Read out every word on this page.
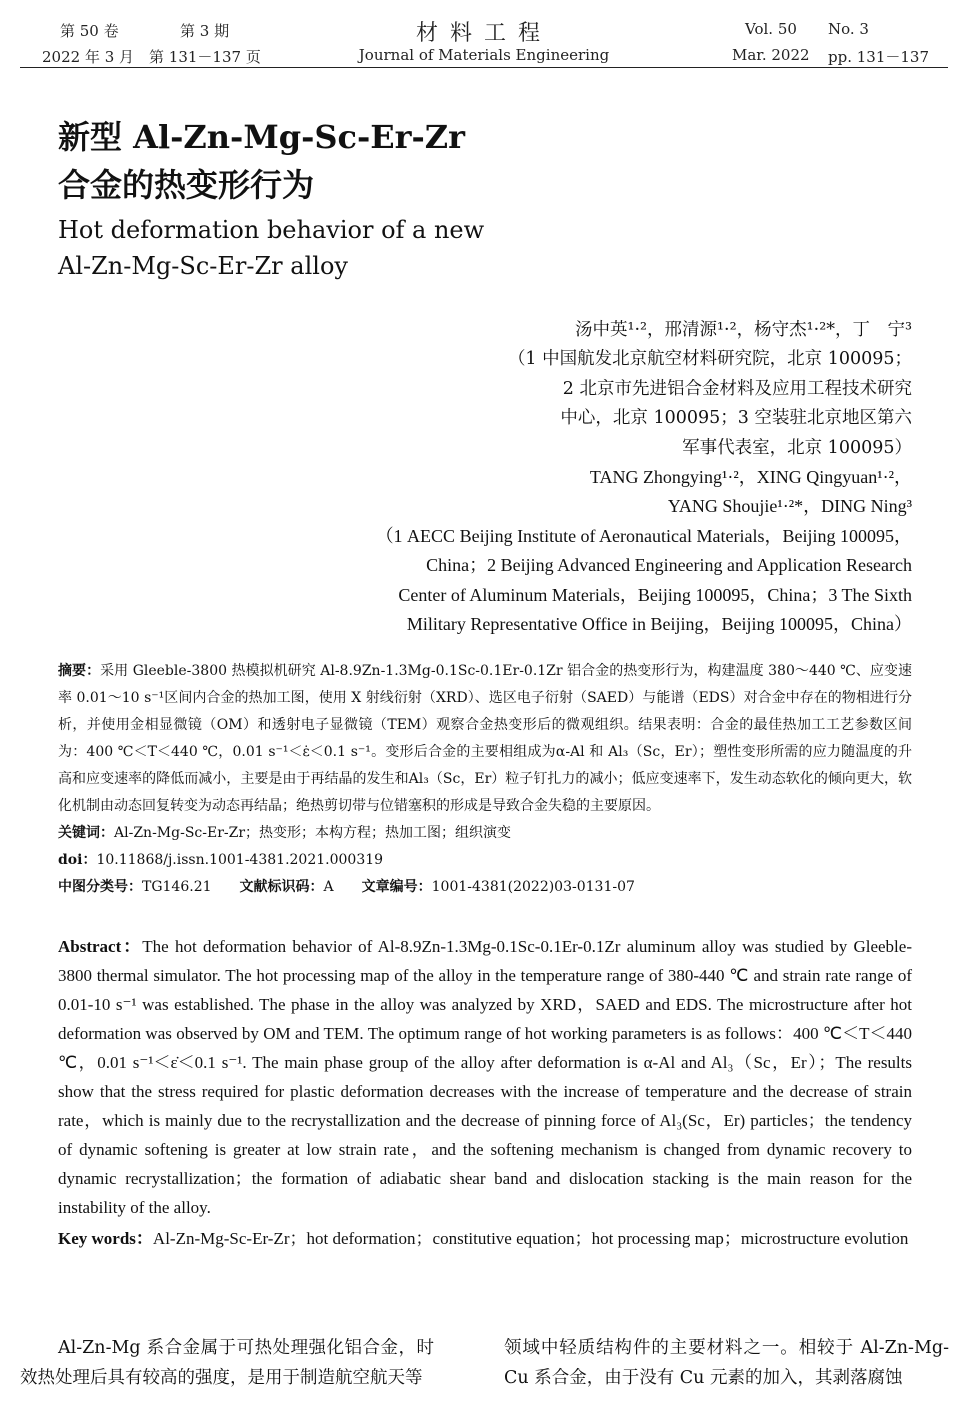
第 50 卷	第 3 期
2022 年 3 月　第 131－137 页
材料工程
Journal of Materials Engineering
Vol. 50 No. 3
Mar. 2022 pp. 131－137
新型 Al-Zn-Mg-Sc-Er-Zr
合金的热变形行为
Hot deformation behavior of a new
Al-Zn-Mg-Sc-Er-Zr alloy
汤中英¹·²，邢清源¹·²，杨守杰¹·²*，丁　宁³
（1 中国航发北京航空材料研究院，北京 100095；
2 北京市先进铝合金材料及应用工程技术研究
中心，北京 100095；3 空装驻北京地区第六
军事代表室，北京 100095）
TANG Zhongying¹·²，XING Qingyuan¹·²，
YANG Shoujie¹·²*，DING Ning³
（1 AECC Beijing Institute of Aeronautical Materials，Beijing 100095，
China；2 Beijing Advanced Engineering and Application Research
Center of Aluminum Materials，Beijing 100095，China；3 The Sixth
Military Representative Office in Beijing，Beijing 100095，China）
摘要：采用 Gleeble-3800 热模拟机研究 Al-8.9Zn-1.3Mg-0.1Sc-0.1Er-0.1Zr 铝合金的热变形行为，构建温度 380～440 ℃、应变速率 0.01～10 s⁻¹区间内合金的热加工图，使用 X 射线衍射（XRD）、选区电子衍射（SAED）与能谱（EDS）对合金中存在的物相进行分析，并使用金相显微镜（OM）和透射电子显微镜（TEM）观察合金热变形后的微观组织。结果表明：合金的最佳热加工工艺参数区间为：400 ℃＜T＜440 ℃，0.01 s⁻¹＜ε̇＜0.1 s⁻¹。变形后合金的主要相组成为α-Al 和 Al₃（Sc，Er）；塑性变形所需的应力随温度的升高和应变速率的降低而减小，主要是由于再结晶的发生和Al₃（Sc，Er）粒子钉扎力的减小；低应变速率下，发生动态软化的倾向更大，软化机制由动态回复转变为动态再结晶；绝热剪切带与位错塞积的形成是导致合金失稳的主要原因。
关键词：Al-Zn-Mg-Sc-Er-Zr；热变形；本构方程；热加工图；组织演变
doi：10.11868/j.issn.1001-4381.2021.000319
中图分类号：TG146.21 文献标识码：A 文章编号：1001-4381(2022)03-0131-07
Abstract：The hot deformation behavior of Al-8.9Zn-1.3Mg-0.1Sc-0.1Er-0.1Zr aluminum alloy was studied by Gleeble-3800 thermal simulator. The hot processing map of the alloy in the temperature range of 380-440 ℃ and strain rate range of 0.01-10 s⁻¹ was established. The phase in the alloy was analyzed by XRD，SAED and EDS. The microstructure after hot deformation was observed by OM and TEM. The optimum range of hot working parameters is as follows：400 ℃＜T＜440 ℃，0.01 s⁻¹＜ε̇＜0.1 s⁻¹. The main phase group of the alloy after deformation is α-Al and Al₃（Sc，Er）；The results show that the stress required for plastic deformation decreases with the increase of temperature and the decrease of strain rate，which is mainly due to the recrystallization and the decrease of pinning force of Al₃(Sc，Er) particles；the tendency of dynamic softening is greater at low strain rate，and the softening mechanism is changed from dynamic recovery to dynamic recrystallization；the formation of adiabatic shear band and dislocation stacking is the main reason for the instability of the alloy.
Key words：Al-Zn-Mg-Sc-Er-Zr；hot deformation；constitutive equation；hot processing map；microstructure evolution
Al-Zn-Mg 系合金属于可热处理强化铝合金，时效热处理后具有较高的强度，是用于制造航空航天等
领域中轻质结构件的主要材料之一。相较于 Al-Zn-Mg-Cu 系合金，由于没有 Cu 元素的加入，其剥落腐蚀
